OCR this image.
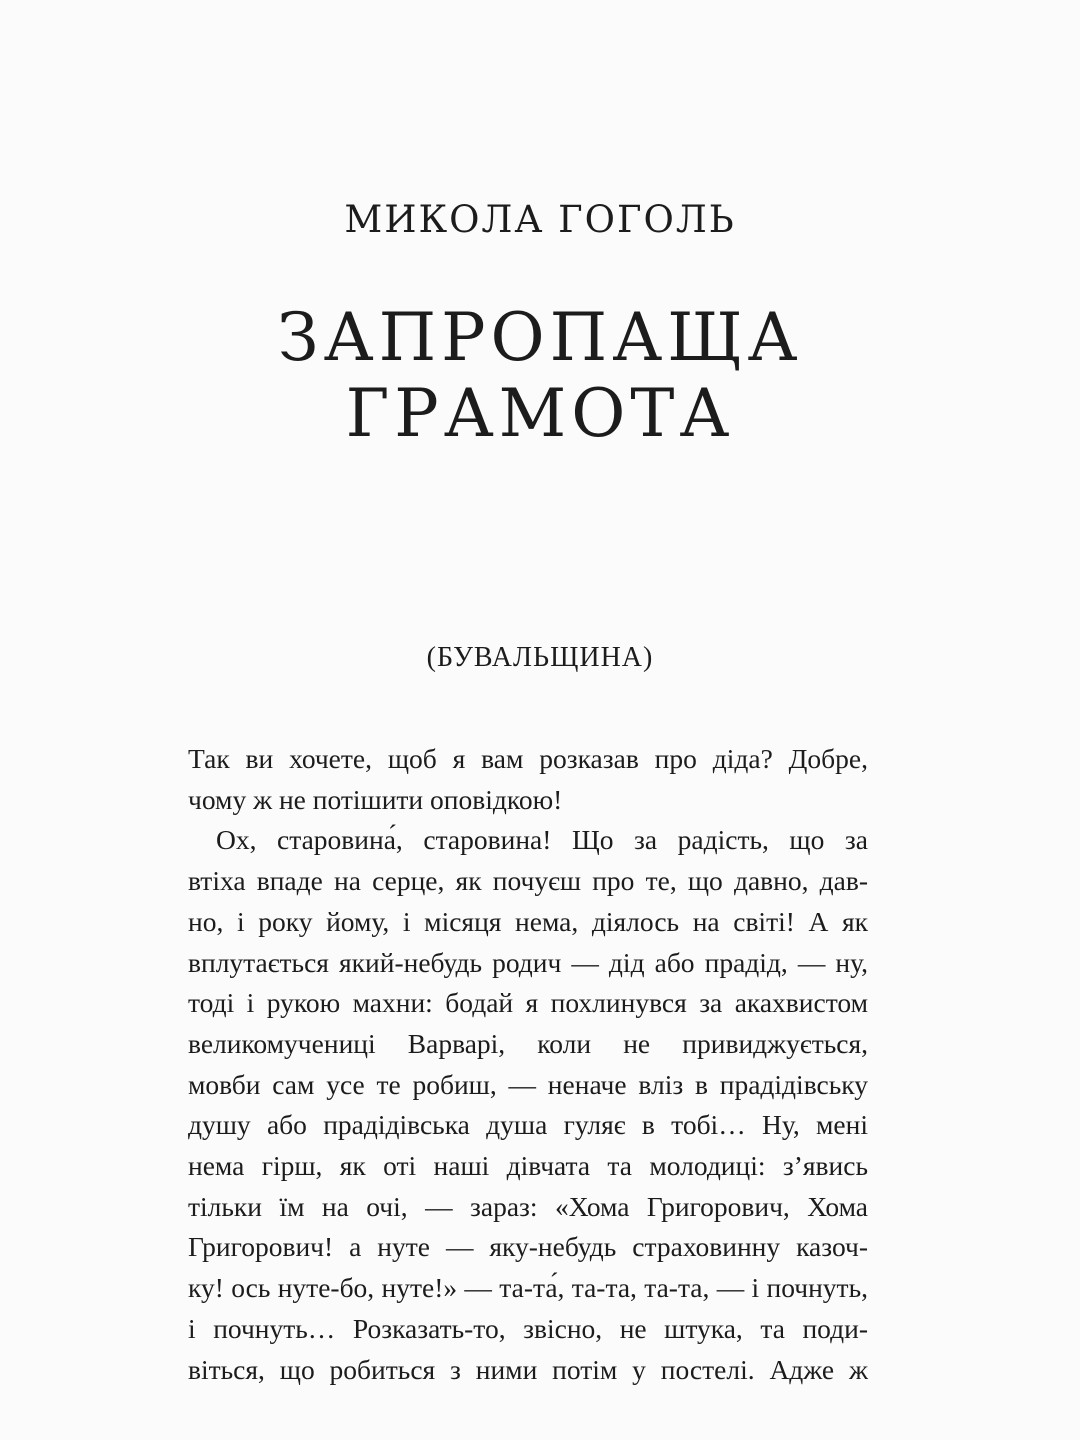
МИКОЛА ГОГОЛЬ
ЗАПРОПАЩА
ГРАМОТА
(БУВАЛЬЩИНА)
Так ви хочете, щоб я вам розказав про діда? Добре,
чому ж не потішити оповідкою!
Ох, старовина́, старовина! Що за радість, що за
втіха впаде на серце, як почуєш про те, що давно, дав-
но, і року йому, і місяця нема, діялось на світі! А як
вплутається який-небудь родич — дід або прадід, — ну,
тоді і рукою махни: бодай я похлинувся за акахвистом
великомучениці Варварі, коли не привиджується,
мовби сам усе те робиш, — неначе вліз в прадідівську
душу або прадідівська душа гуляє в тобі… Ну, мені
нема гірш, як оті наші дівчата та молодиці: з’явись
тільки їм на очі, — зараз: «Хома Григорович, Хома
Григорович! а нуте — яку-небудь страховинну казоч-
ку! ось нуте-бо, нуте!» — та-та́, та-та, та-та, — і почнуть,
і почнуть… Розказать-то, звісно, не штука, та поди-
віться, що робиться з ними потім у постелі. Адже ж
